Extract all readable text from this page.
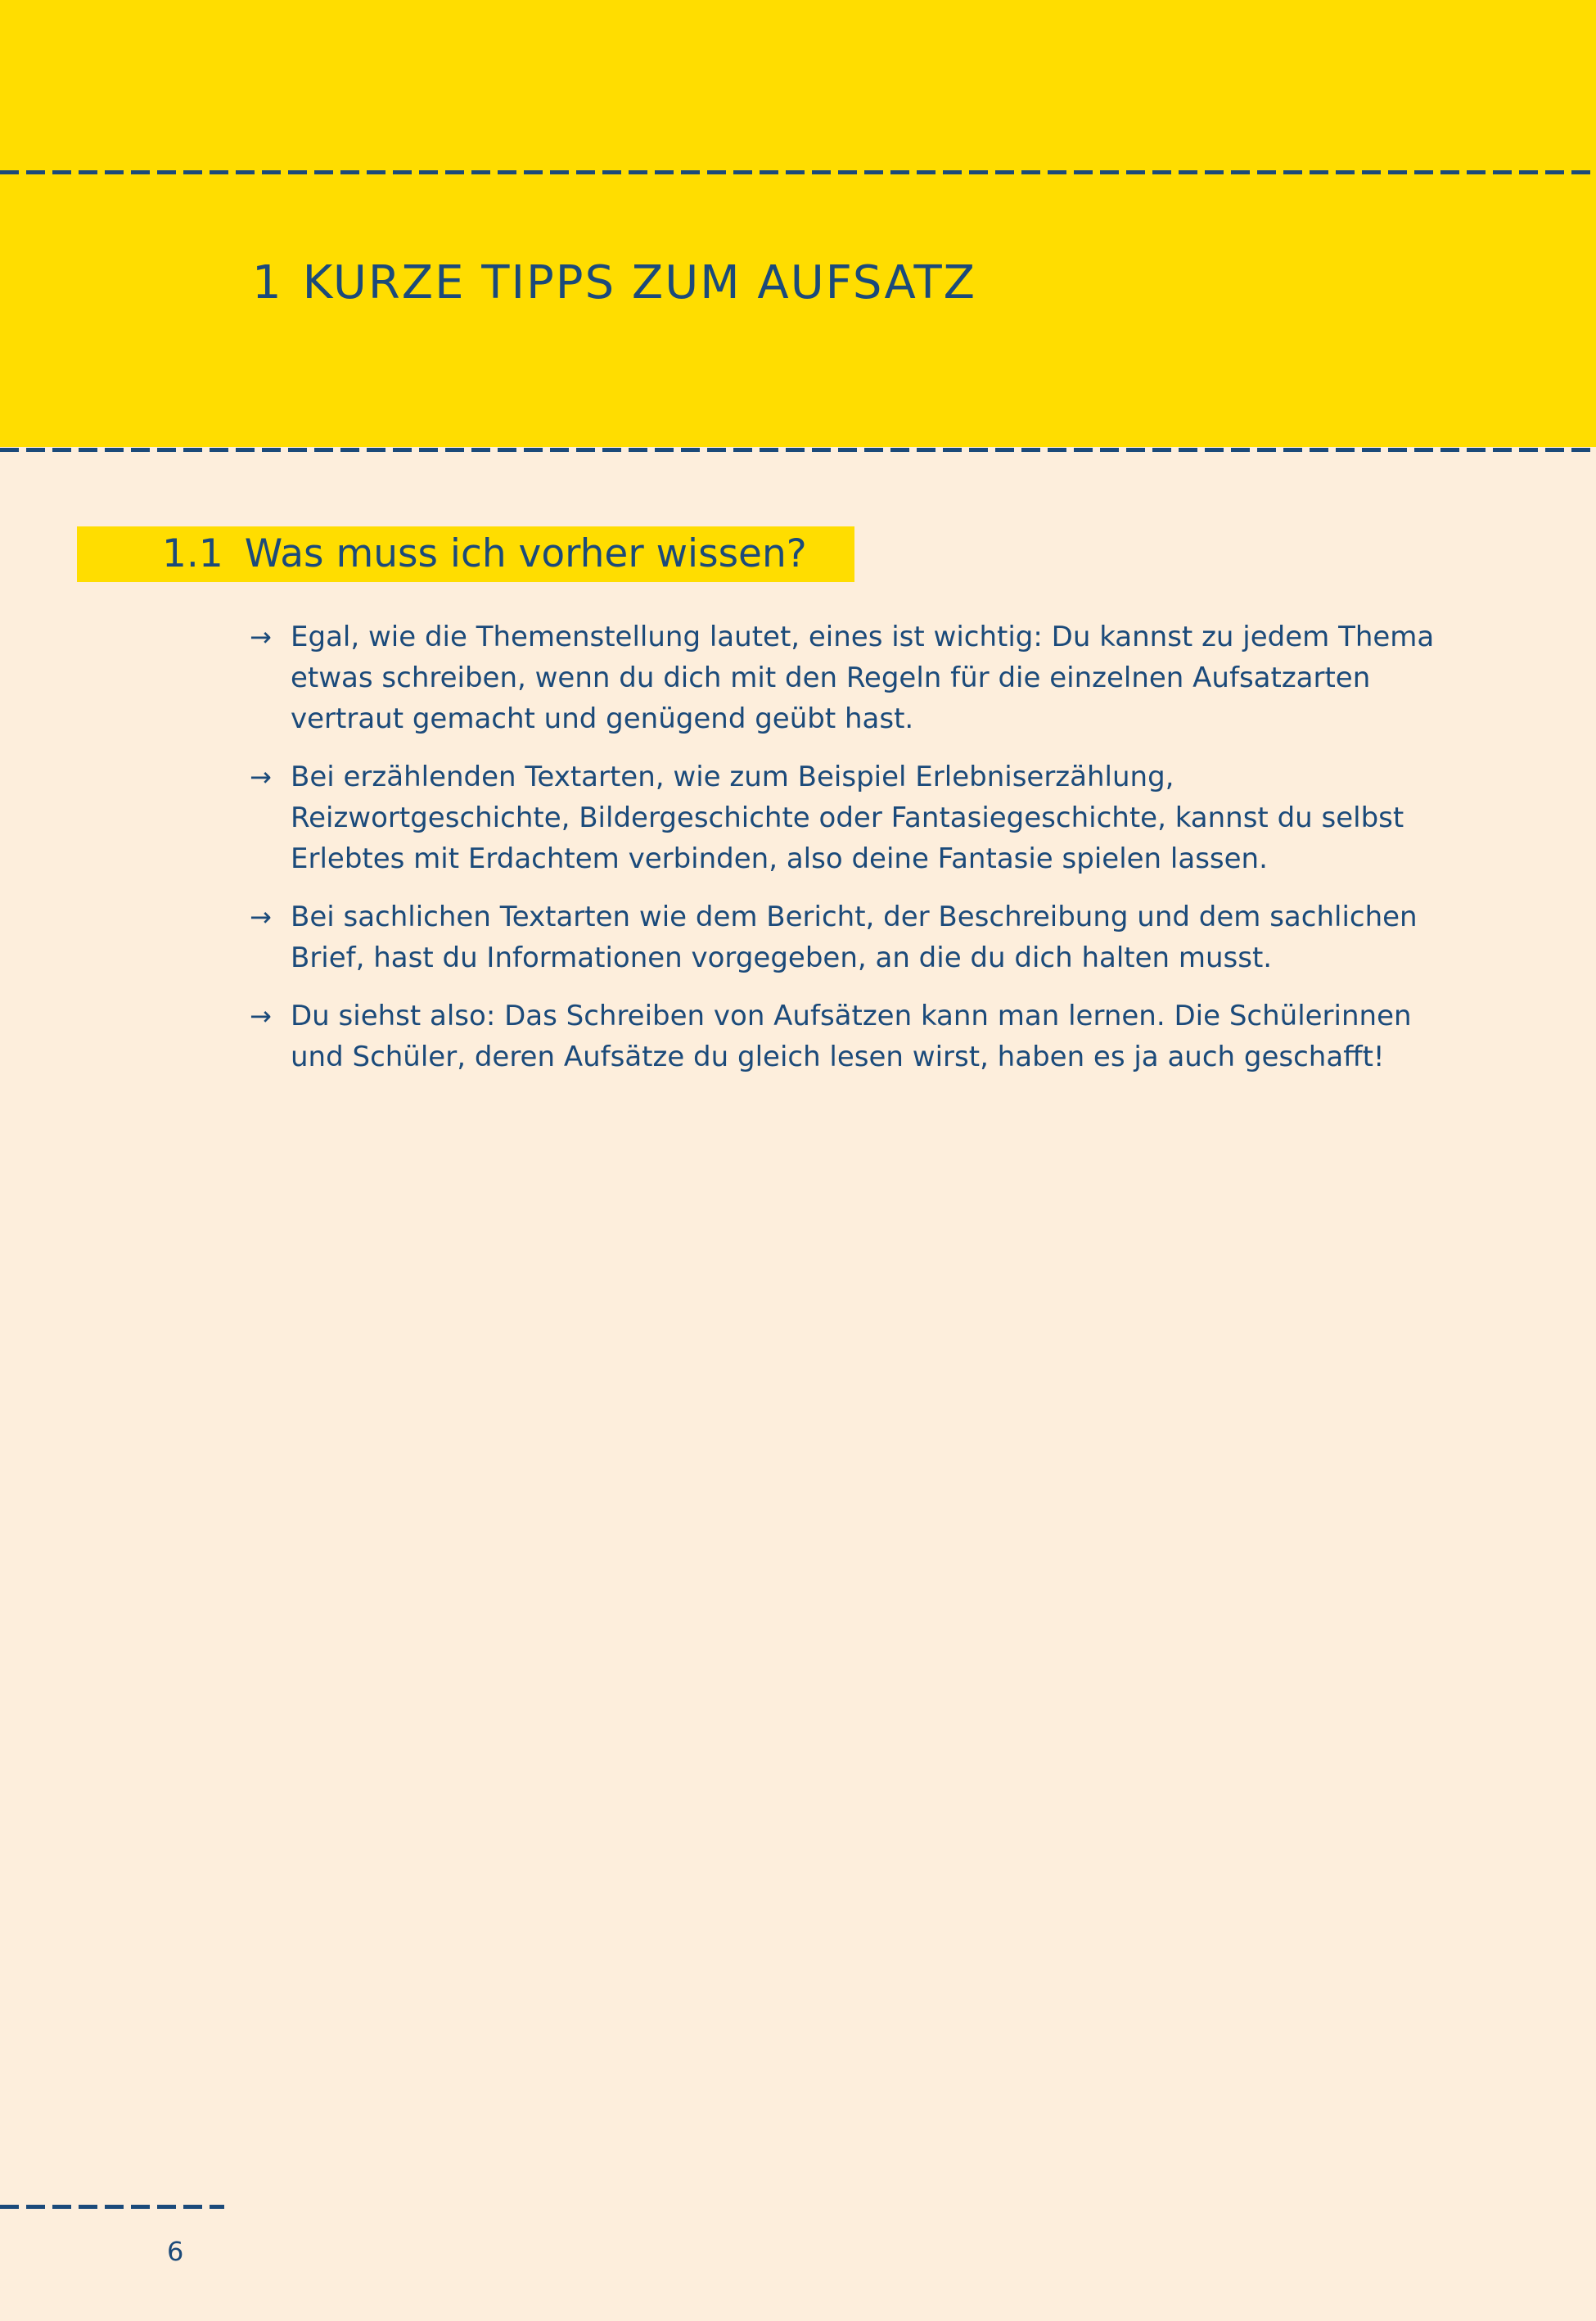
1 KURZE TIPPS ZUM AUFSATZ
1.1 Was muss ich vorher wissen?
→ Egal, wie die Themenstellung lautet, eines ist wichtig: Du kannst zu jedem Thema etwas schreiben, wenn du dich mit den Regeln für die einzelnen Aufsatzarten vertraut gemacht und genügend geübt hast.
→ Bei erzählenden Textarten, wie zum Beispiel Erlebniserzählung, Reizwortgeschichte, Bildergeschichte oder Fantasiegeschichte, kannst du selbst Erlebtes mit Erdachtem verbinden, also deine Fantasie spielen lassen.
→ Bei sachlichen Textarten wie dem Bericht, der Beschreibung und dem sachlichen Brief, hast du Informationen vorgegeben, an die du dich halten musst.
→ Du siehst also: Das Schreiben von Aufsätzen kann man lernen. Die Schülerinnen und Schüler, deren Aufsätze du gleich lesen wirst, haben es ja auch geschafft!
6
